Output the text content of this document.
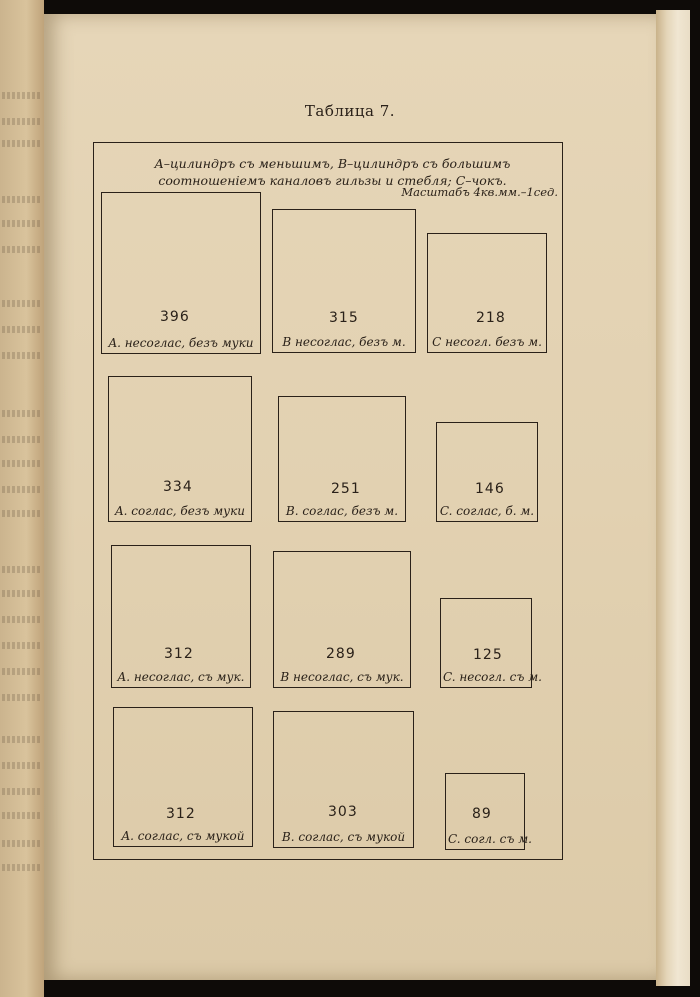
Таблица 7.
A–цилиндръ съ меньшимъ, B–цилиндръ съ большимъ соотношеніемъ каналовъ гильзы и стебля; C–чокъ.
Масштабъ 4кв.мм.–1сед.
396
A. несоглас, безъ муки
315
B несоглас, безъ м.
218
C несогл. безъ м.
334
A. соглас, безъ муки
251
B. соглас, безъ м.
146
C. соглас, б. м.
312
A. несоглас, съ мук.
289
B несоглас, съ мук.
125
C. несогл. съ м.
312
A. соглас, съ мукой
303
B. соглас, съ мукой
89
C. согл. съ м.
